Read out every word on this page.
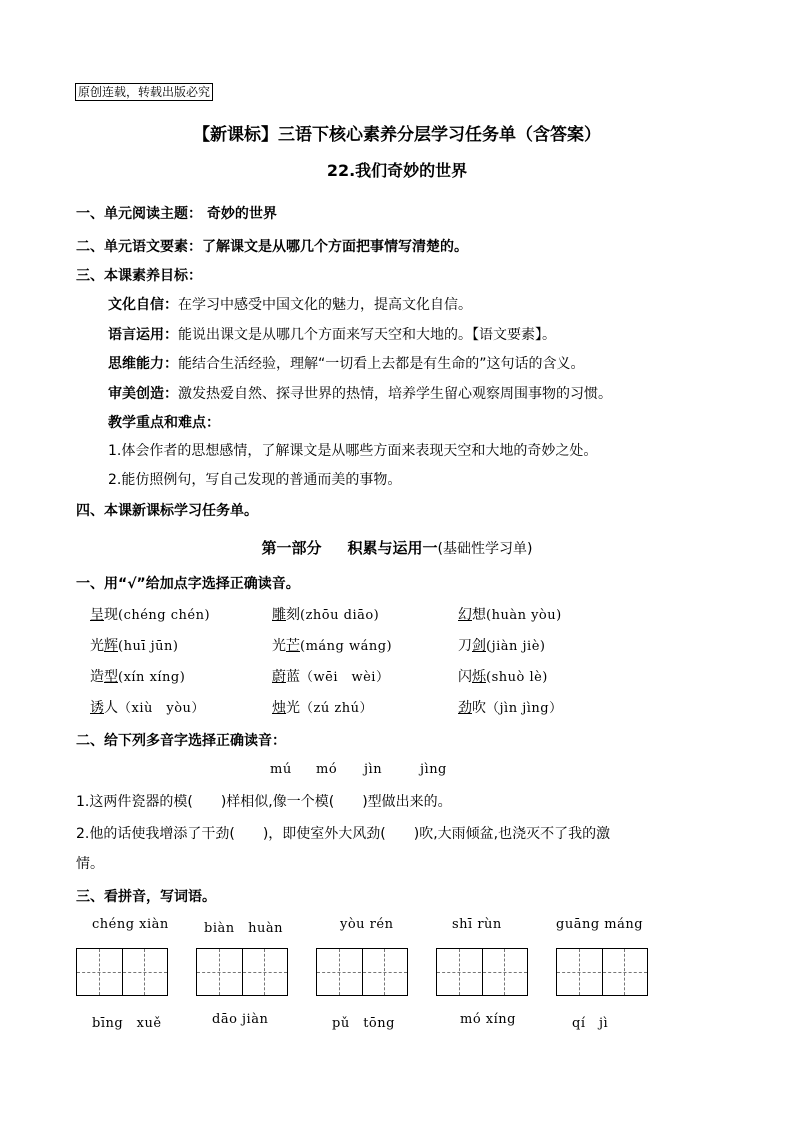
原创连载，转载出版必究
【新课标】三语下核心素养分层学习任务单（含答案）
22.我们奇妙的世界
一、单元阅读主题： 奇妙的世界
二、单元语文要素：了解课文是从哪几个方面把事情写清楚的。
三、本课素养目标：
文化自信：在学习中感受中国文化的魅力，提高文化自信。
语言运用：能说出课文是从哪几个方面来写天空和大地的。【语文要素】。
思维能力：能结合生活经验，理解“一切看上去都是有生命的”这句话的含义。
审美创造：激发热爱自然、探寻世界的热情，培养学生留心观察周围事物的习惯。
教学重点和难点：
1.体会作者的思想感情，了解课文是从哪些方面来表现天空和大地的奇妙之处。
2.能仿照例句，写自己发现的普通而美的事物。
四、本课新课标学习任务单。
第一部分 积累与运用一(基础性学习单)
一、用“√”给加点字选择正确读音。
呈现(chéng chén)	雕刻(zhōu diāo)	幻想(huàn yòu)
光辉(huī jūn)	光芒(máng wáng)	刀剑(jiàn jiè)
造型(xín xíng)	蔚蓝（wēi　wèi）	闪烁(shuò lè)
诱人（xiù　yòu）	烛光（zú zhú）	劲吹（jìn jìng）
二、给下列多音字选择正确读音：
mú mó jìn	jìng
1.这两件瓷器的模(　　)样相似,像一个模(　　)型做出来的。
2.他的话使我增添了干劲(　　)，即使室外大风劲(　　)吹,大雨倾盆,也浇灭不了我的激
情。
三、看拼音，写词语。
chéng xiàn	biàn　huàn	yòu rén	shī rùn	guāng máng
bīng　xuě	dāo jiàn	pǔ　tōng	mó xíng	qí　jì
